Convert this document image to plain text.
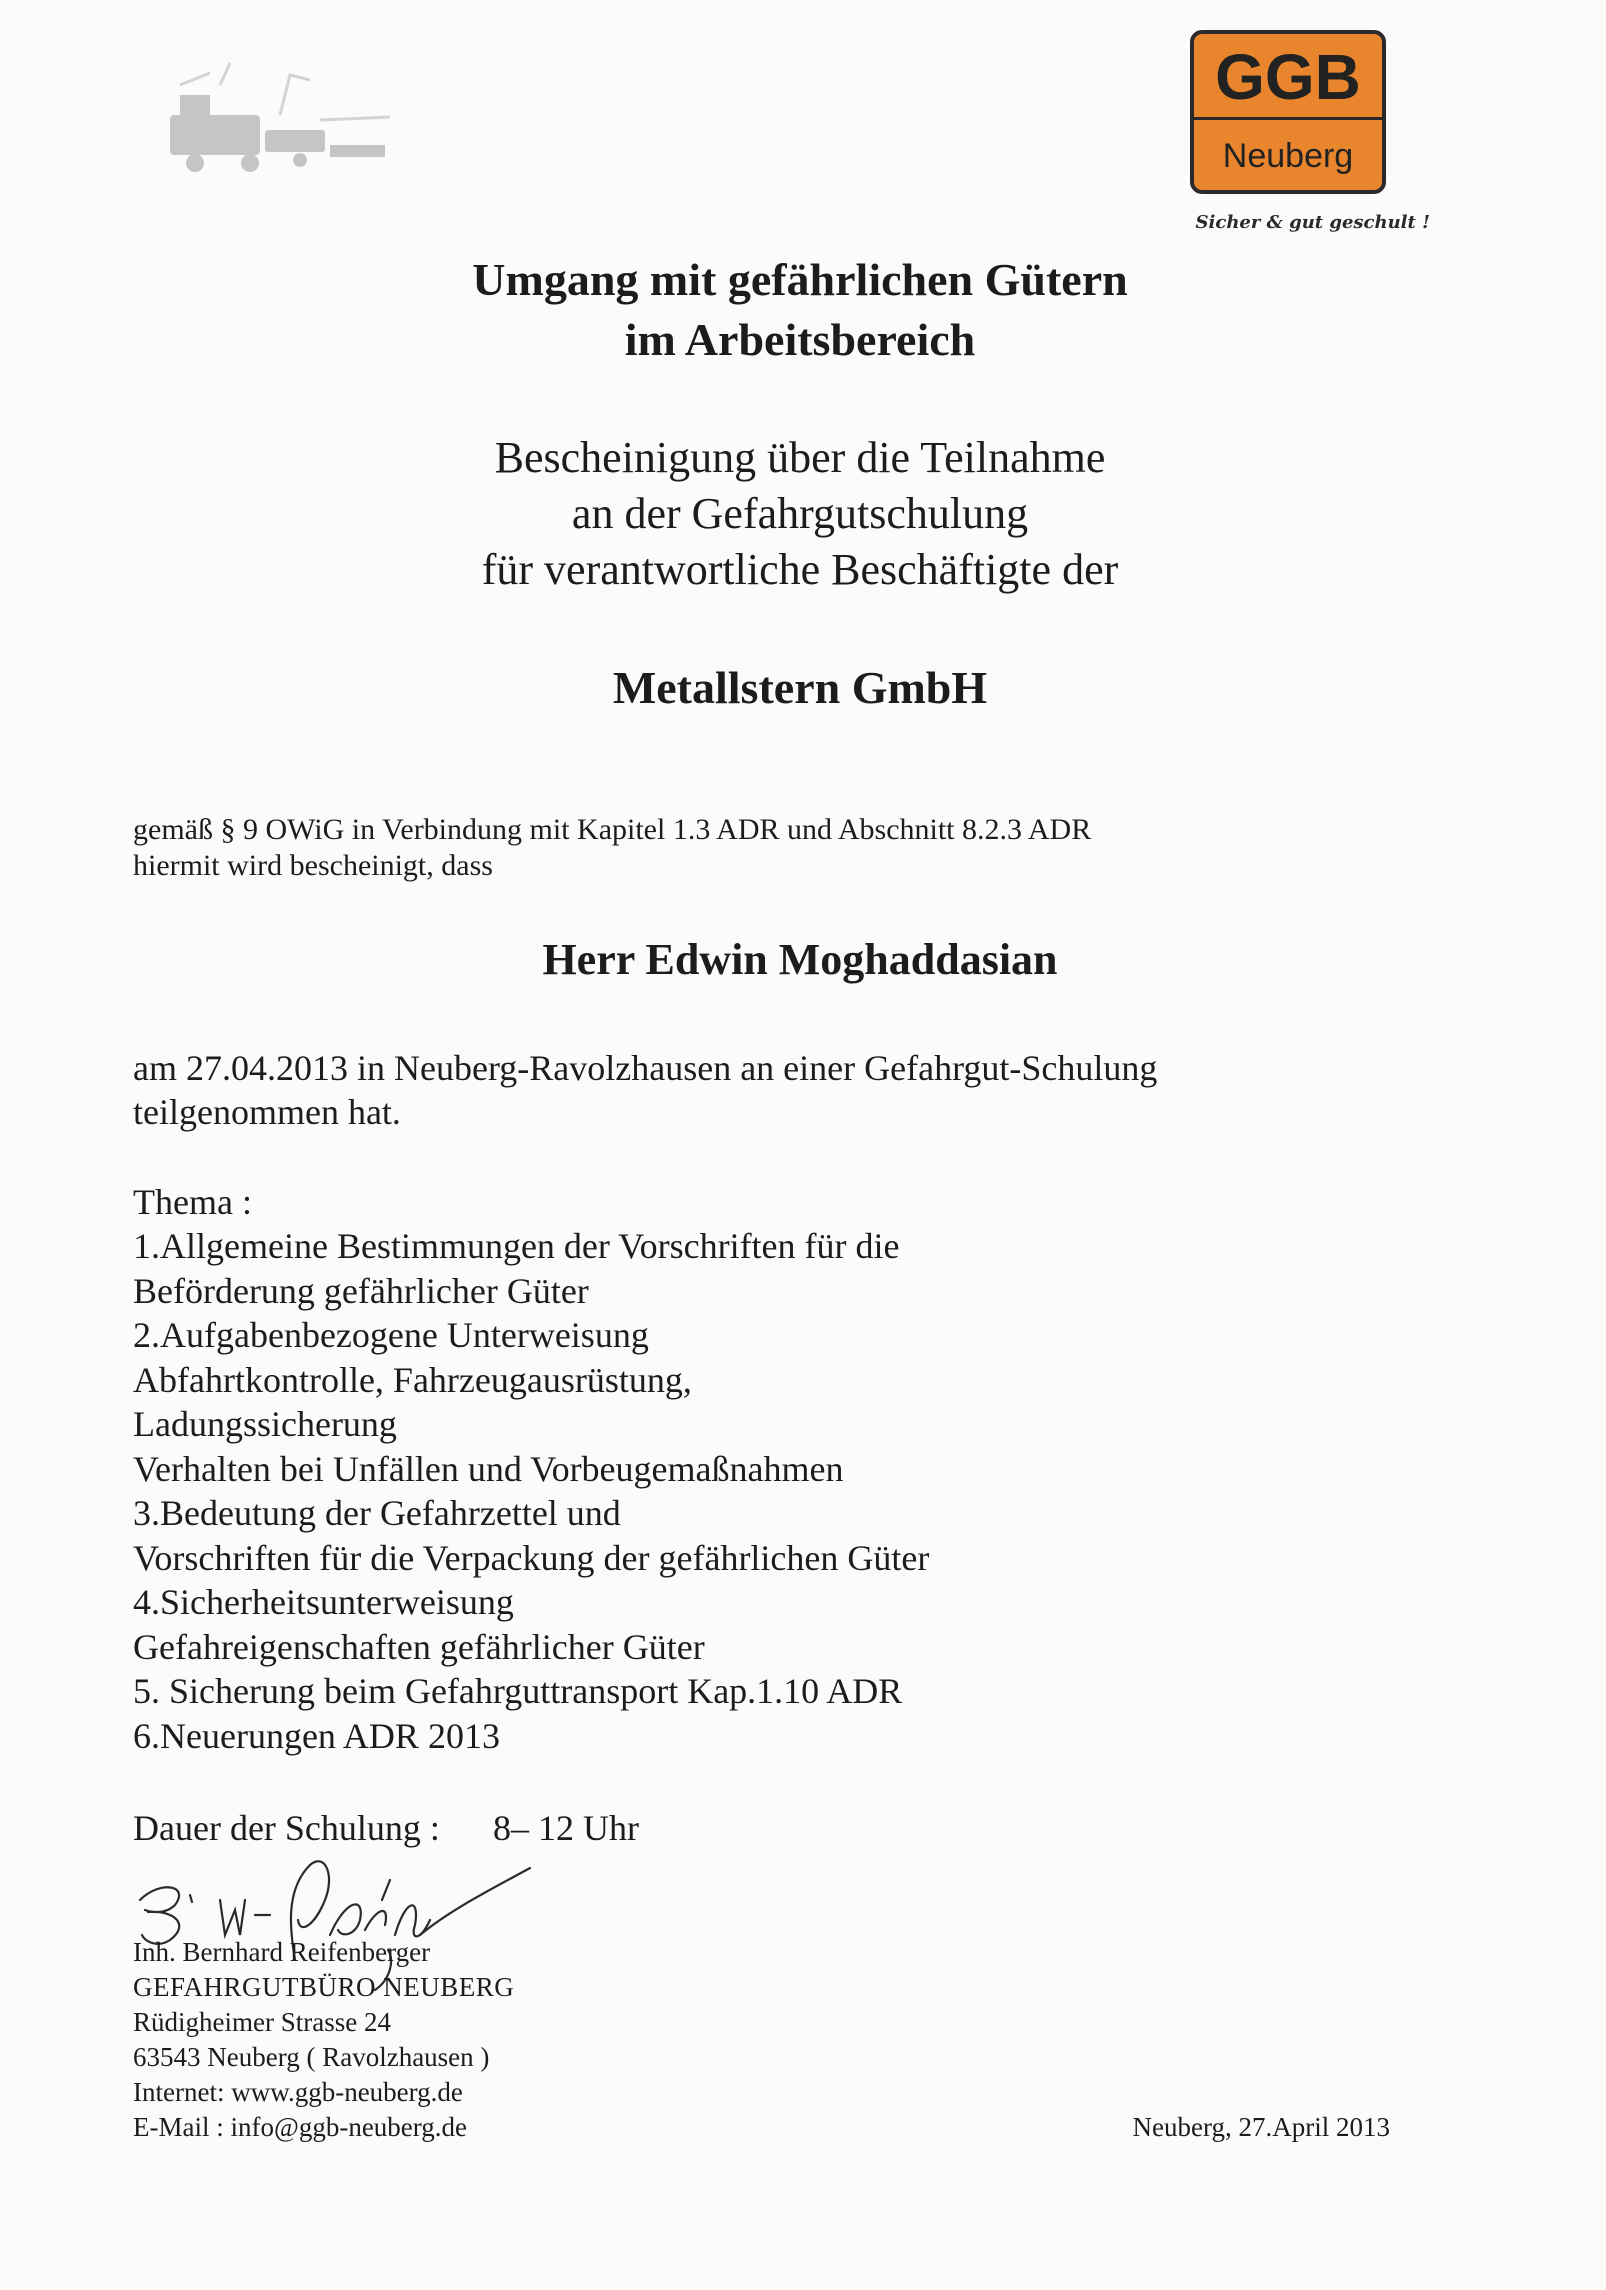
GGB
Neuberg
Sicher & gut geschult !
Umgang mit gefährlichen Gütern
im Arbeitsbereich
Bescheinigung über die Teilnahme
an der Gefahrgutschulung
für verantwortliche Beschäftigte der
Metallstern GmbH
gemäß § 9 OWiG in Verbindung mit Kapitel 1.3 ADR und Abschnitt 8.2.3 ADR
hiermit wird bescheinigt, dass
Herr Edwin Moghaddasian
am 27.04.2013 in Neuberg-Ravolzhausen an einer Gefahrgut-Schulung
teilgenommen hat.
Thema :
1.Allgemeine Bestimmungen der Vorschriften für die
Beförderung gefährlicher Güter
2.Aufgabenbezogene Unterweisung
Abfahrtkontrolle, Fahrzeugausrüstung,
Ladungssicherung
Verhalten bei Unfällen und Vorbeugemaßnahmen
3.Bedeutung der Gefahrzettel und
Vorschriften für die Verpackung der gefährlichen Güter
4.Sicherheitsunterweisung
Gefahreigenschaften gefährlicher Güter
5. Sicherung beim Gefahrguttransport Kap.1.10 ADR
6.Neuerungen ADR 2013
Dauer der Schulung : 8– 12 Uhr
Inh. Bernhard Reifenberger
GEFAHRGUTBÜRO NEUBERG
Rüdigheimer Strasse 24
63543 Neuberg ( Ravolzhausen )
Internet: www.ggb-neuberg.de
E-Mail : info@ggb-neuberg.de	Neuberg, 27.April 2013
